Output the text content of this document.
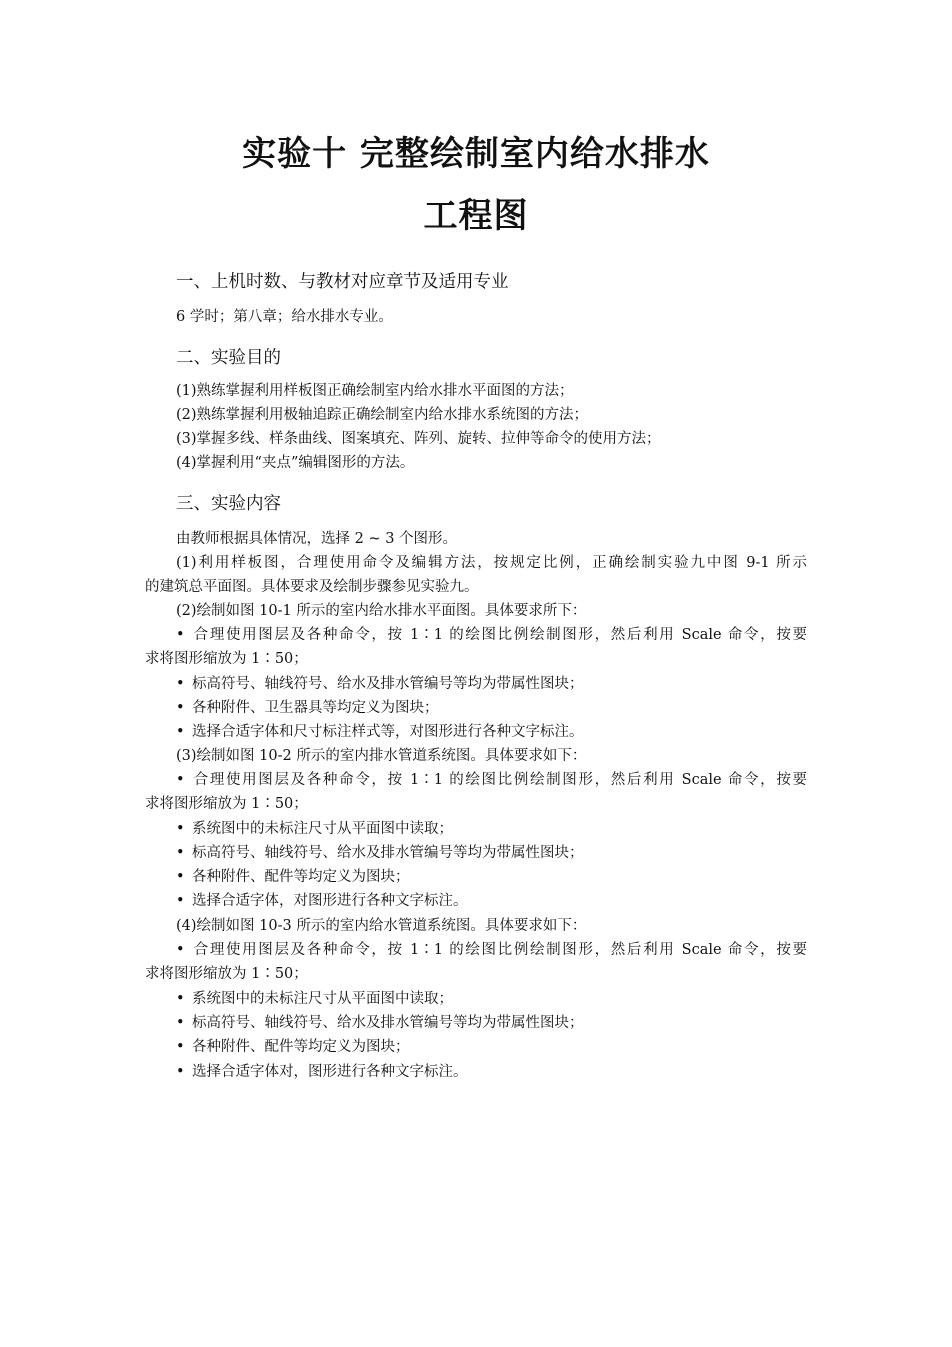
实验十 完整绘制室内给水排水
工程图
一、上机时数、与教材对应章节及适用专业
6 学时；第八章；给水排水专业。
二、实验目的
(1)熟练掌握利用样板图正确绘制室内给水排水平面图的方法；
(2)熟练掌握利用极轴追踪正确绘制室内给水排水系统图的方法；
(3)掌握多线、样条曲线、图案填充、阵列、旋转、拉伸等命令的使用方法；
(4)掌握利用“夹点”编辑图形的方法。
三、实验内容
由教师根据具体情况，选择 2 ~ 3 个图形。
(1)利用样板图，合理使用命令及编辑方法，按规定比例，正确绘制实验九中图 9-1 所示
的建筑总平面图。具体要求及绘制步骤参见实验九。
(2)绘制如图 10-1 所示的室内给水排水平面图。具体要求所下：
• 合理使用图层及各种命令，按 1∶1 的绘图比例绘制图形，然后利用 Scale 命令，按要
求将图形缩放为 1∶50；
• 标高符号、轴线符号、给水及排水管编号等均为带属性图块；
• 各种附件、卫生器具等均定义为图块；
• 选择合适字体和尺寸标注样式等，对图形进行各种文字标注。
(3)绘制如图 10-2 所示的室内排水管道系统图。具体要求如下：
• 合理使用图层及各种命令，按 1∶1 的绘图比例绘制图形，然后利用 Scale 命令，按要
求将图形缩放为 1∶50；
• 系统图中的未标注尺寸从平面图中读取；
• 标高符号、轴线符号、给水及排水管编号等均为带属性图块；
• 各种附件、配件等均定义为图块；
• 选择合适字体，对图形进行各种文字标注。
(4)绘制如图 10-3 所示的室内给水管道系统图。具体要求如下：
• 合理使用图层及各种命令，按 1∶1 的绘图比例绘制图形，然后利用 Scale 命令，按要
求将图形缩放为 1∶50；
• 系统图中的未标注尺寸从平面图中读取；
• 标高符号、轴线符号、给水及排水管编号等均为带属性图块；
• 各种附件、配件等均定义为图块；
• 选择合适字体对，图形进行各种文字标注。
